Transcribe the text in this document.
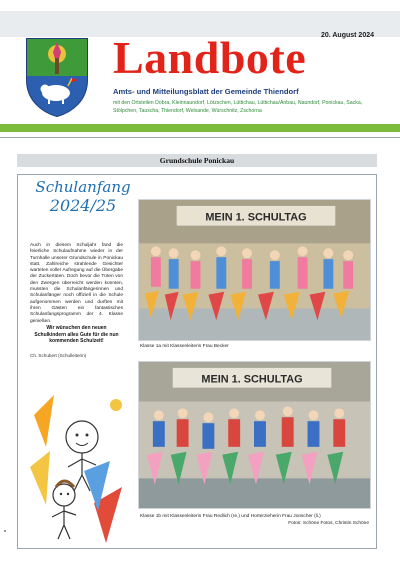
20. August 2024
Landbote
Amts- und Mitteilungsblatt der Gemeinde Thiendorf
mit den Ortsteilen Dobra, Kleinnaundorf, Lötzschen, Lüttichau, Lüttichau/Anbau, Naundorf, Ponickau, Sacka, Stölpchen, Tauscha, Thiendorf, Welxande, Würschnitz, Zschorna
Grundschule Ponickau
Schulanfang
2024/25
Auch in diesem Schuljahr fand die feierliche Schulaufnahme wieder in der Turnhalle unserer Grundschule in Ponickau statt. Zahlreiche strahlende Gesichter warteten voller Aufregung auf die Übergabe der Zuckertüten. Doch bevor die Tüten von den Zwergen überreicht werden konnten, mussten die Schulanfängerinnen und Schulanfänger noch offiziell in die Schule aufgenommen werden und durften mit ihren Gästen ein fantastisches Schulanfangsprogramm der 4. Klasse genießen.
Wir wünschen den neuen Schulkindern alles Gute für die nun kommenden Schulzeit!
Ch. Schubert (Schulleiterin)
MEIN 1. SCHULTAG
Klasse 1a mit Klassenleiterin Frau Becker
MEIN 1. SCHULTAG
Klasse 1b mit Klassenleiterin Frau Redlich (re.) und Horterzieherin Frau Jonscher (li.)
Fotos: Schöne Fotos, Christin Schöne
